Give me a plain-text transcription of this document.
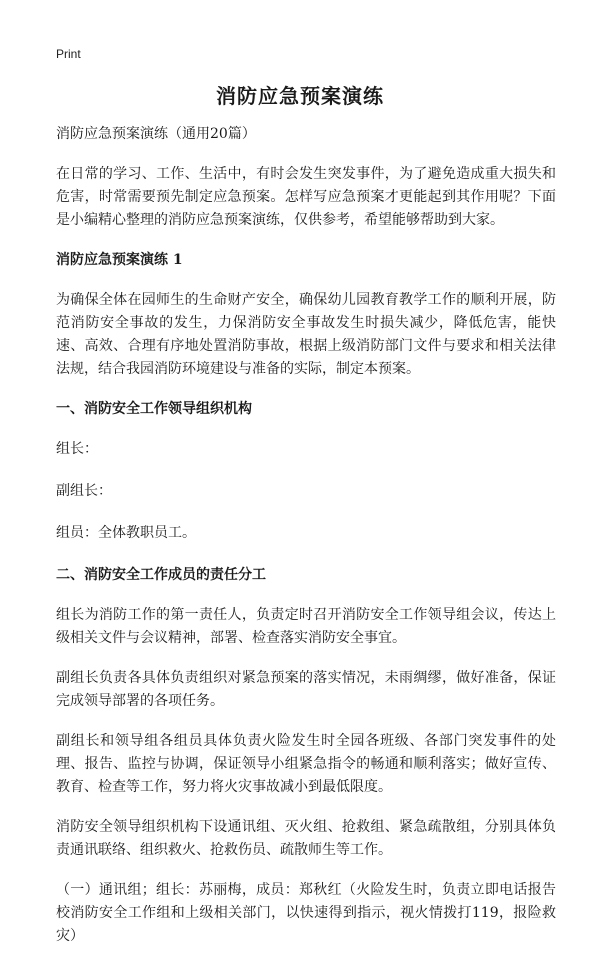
Print
消防应急预案演练

消防应急预案演练（通用20篇）

在日常的学习、工作、生活中，有时会发生突发事件，为了避免造成重大损失和危害，时常需要预先制定应急预案。怎样写应急预案才更能起到其作用呢？下面是小编精心整理的消防应急预案演练，仅供参考，希望能够帮助到大家。

消防应急预案演练 1

为确保全体在园师生的生命财产安全，确保幼儿园教育教学工作的顺利开展，防范消防安全事故的发生，力保消防安全事故发生时损失减少，降低危害，能快速、高效、合理有序地处置消防事故，根据上级消防部门文件与要求和相关法律法规，结合我园消防环境建设与准备的实际，制定本预案。

一、消防安全工作领导组织机构

组长：

副组长：

组员：全体教职员工。

二、消防安全工作成员的责任分工

组长为消防工作的第一责任人，负责定时召开消防安全工作领导组会议，传达上级相关文件与会议精神，部署、检查落实消防安全事宜。

副组长负责各具体负责组织对紧急预案的落实情况，未雨绸缪，做好准备，保证完成领导部署的各项任务。

副组长和领导组各组员具体负责火险发生时全园各班级、各部门突发事件的处理、报告、监控与协调，保证领导小组紧急指令的畅通和顺利落实；做好宣传、教育、检查等工作，努力将火灾事故减小到最低限度。

消防安全领导组织机构下设通讯组、灭火组、抢救组、紧急疏散组，分别具体负责通讯联络、组织救火、抢救伤员、疏散师生等工作。

（一）通讯组；组长：苏丽梅，成员：郑秋红（火险发生时，负责立即电话报告校消防安全工作组和上级相关部门，以快速得到指示，视火情拨打119，报险救灾）
